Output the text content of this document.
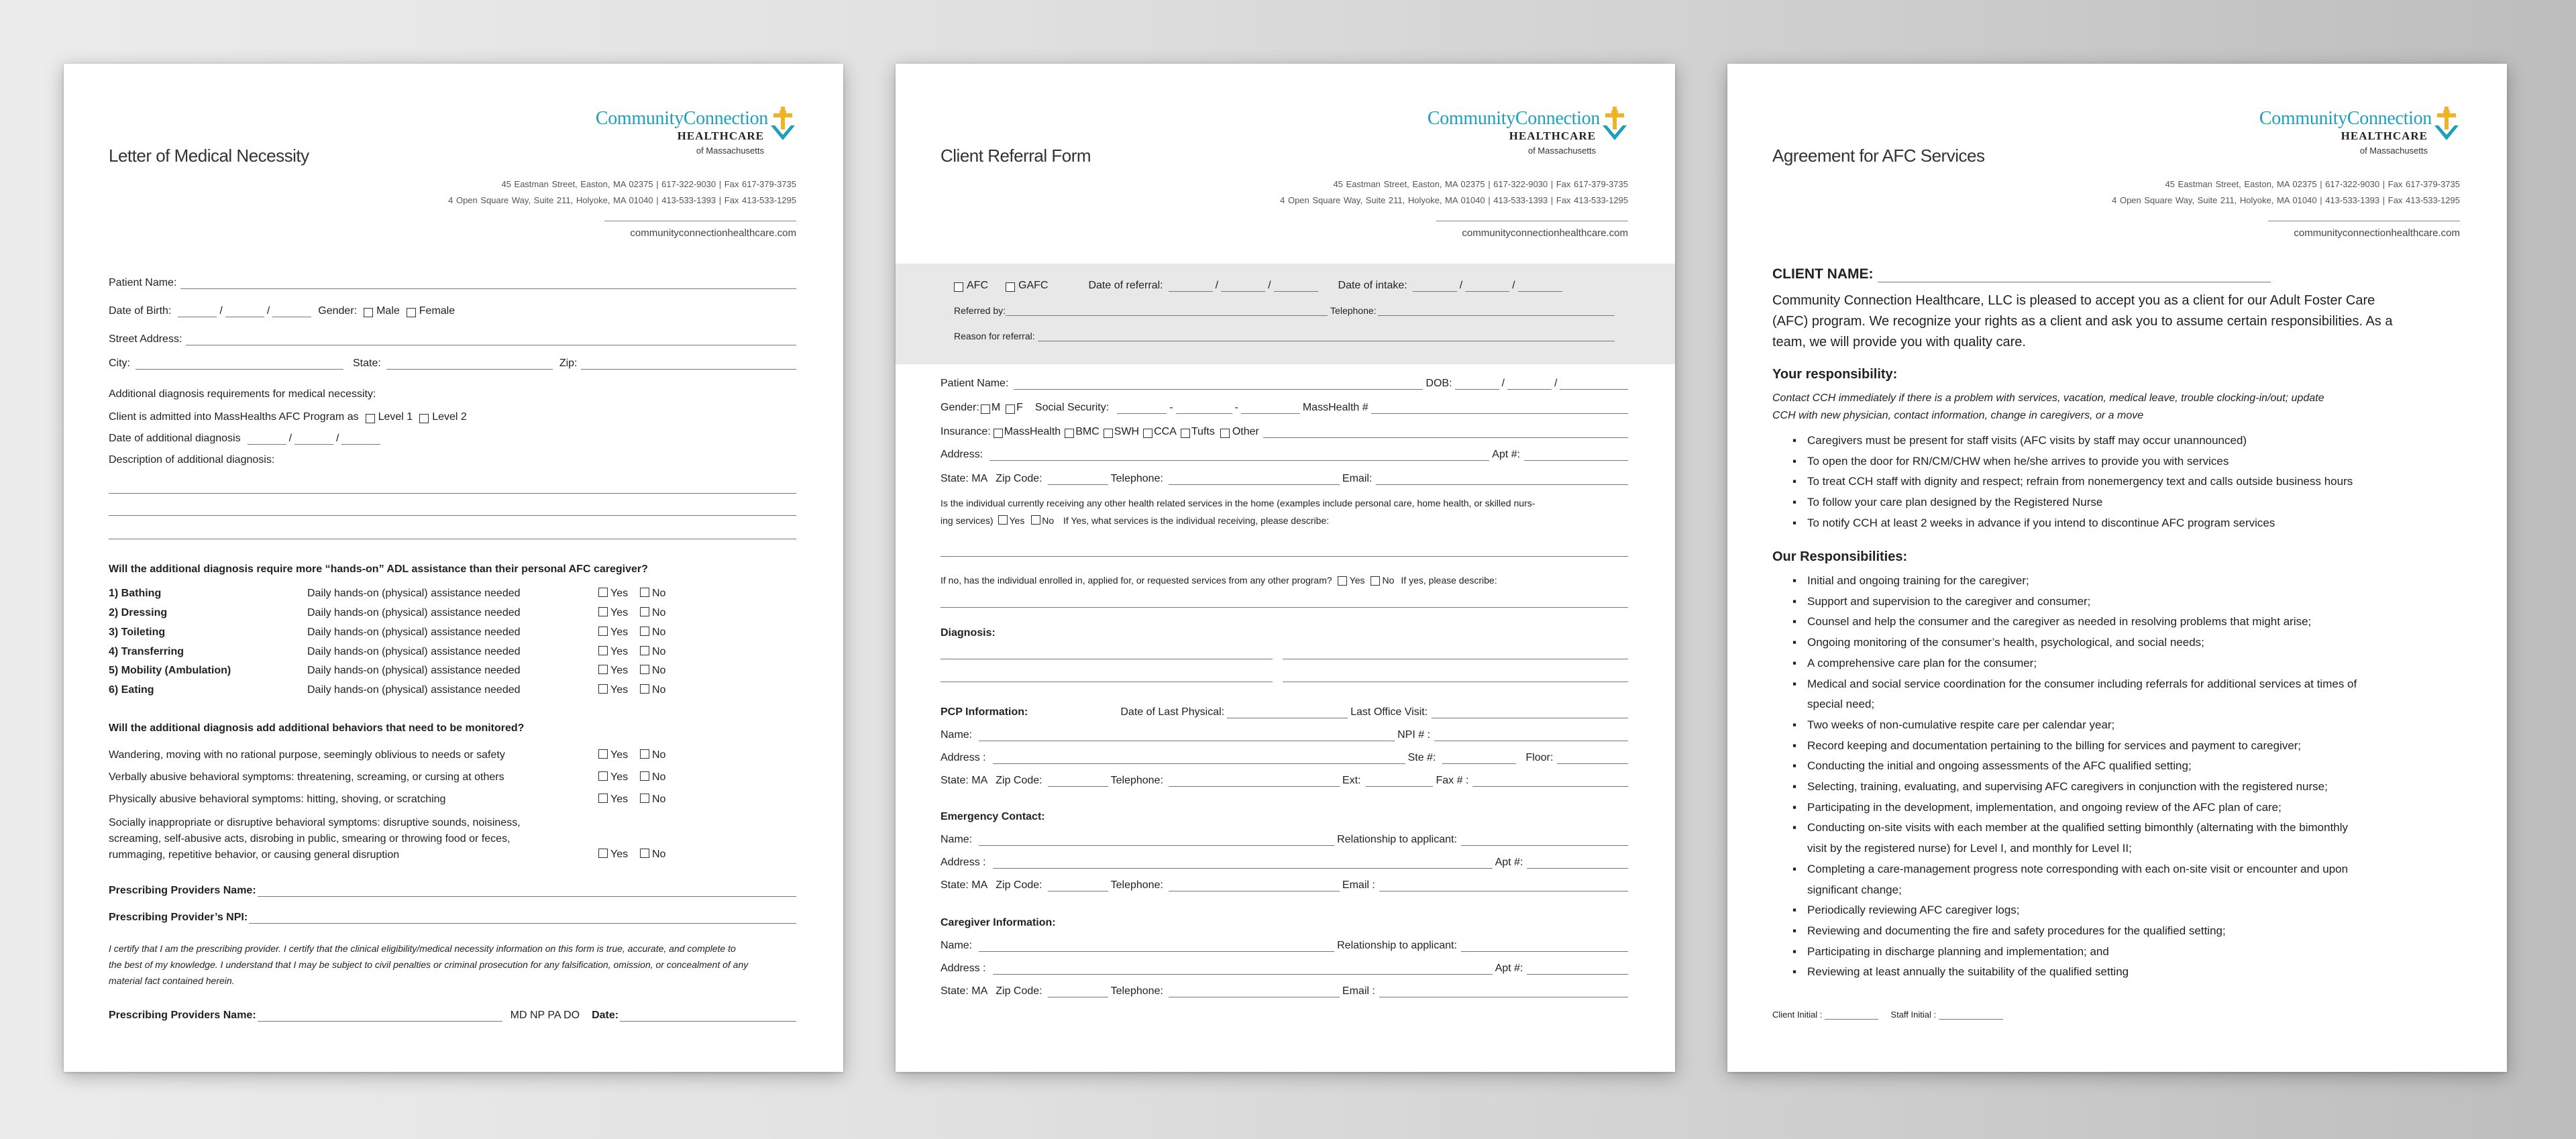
CommunityConnection
HEALTHCARE
of Massachusetts
Letter of Medical Necessity
45 Eastman Street, Easton, MA 02375 | 617-322-9030 | Fax 617-379-3735
4 Open Square Way, Suite 211, Holyoke, MA 01040 | 413-533-1393 | Fax 413-533-1295
communityconnectionhealthcare.com
Patient Name:
Date of Birth:	/	/	Gender: Male Female
Street Address:
City:	State:	Zip:
Additional diagnosis requirements for medical necessity:
Client is admitted into MassHealths AFC Program as Level 1 Level 2
Date of additional diagnosis	/	/
Description of additional diagnosis:
Will the additional diagnosis require more “hands-on” ADL assistance than their personal AFC caregiver?
1) Bathing	Daily hands-on (physical) assistance needed	Yes	No
2) Dressing	Daily hands-on (physical) assistance needed	Yes	No
3) Toileting	Daily hands-on (physical) assistance needed	Yes	No
4) Transferring	Daily hands-on (physical) assistance needed	Yes	No
5) Mobility (Ambulation)	Daily hands-on (physical) assistance needed	Yes	No
6) Eating	Daily hands-on (physical) assistance needed	Yes	No
Will the additional diagnosis add additional behaviors that need to be monitored?
Wandering, moving with no rational purpose, seemingly oblivious to needs or safety	Yes	No
Verbally abusive behavioral symptoms: threatening, screaming, or cursing at others	Yes	No
Physically abusive behavioral symptoms: hitting, shoving, or scratching	Yes	No
Socially inappropriate or disruptive behavioral symptoms: disruptive sounds, noisiness,
screaming, self-abusive acts, disrobing in public, smearing or throwing food or feces,
rummaging, repetitive behavior, or causing general disruption	Yes	No
Prescribing Providers Name:
Prescribing Provider’s NPI:
I certify that I am the prescribing provider. I certify that the clinical eligibility/medical necessity information on this form is true, accurate, and complete to
the best of my knowledge. I understand that I may be subject to civil penalties or criminal prosecution for any falsification, omission, or concealment of any
material fact contained herein.
Prescribing Providers Name:	MD NP PA DO Date:
CommunityConnection
HEALTHCARE
of Massachusetts
Client Referral Form
45 Eastman Street, Easton, MA 02375 | 617-322-9030 | Fax 617-379-3735
4 Open Square Way, Suite 211, Holyoke, MA 01040 | 413-533-1393 | Fax 413-533-1295
communityconnectionhealthcare.com
AFC	GAFC	Date of referral:	/	/	Date of intake:	/	/
Referred by:	Telephone:
Reason for referral:
Patient Name:	DOB:	/	/
Gender: M F Social Security:	-	-	MassHealth #
Insurance: MassHealth BMC SWH CCA Tufts Other
Address:	Apt #:
State: MA Zip Code:	Telephone:	Email:
Is the individual currently receiving any other health related services in the home (examples include personal care, home health, or skilled nurs-
ing services) Yes No If Yes, what services is the individual receiving, please describe:
If no, has the individual enrolled in, applied for, or requested services from any other program? Yes No If yes, please describe:
Diagnosis:
PCP Information:	Date of Last Physical:	Last Office Visit:
Name:	NPI # :
Address :	Ste #:	Floor:
State: MA Zip Code:	Telephone:	Ext:	Fax # :
Emergency Contact:
Name:	Relationship to applicant:
Address :	Apt #:
State: MA Zip Code:	Telephone:	Email :
Caregiver Information:
Name:	Relationship to applicant:
Address :	Apt #:
State: MA Zip Code:	Telephone:	Email :
CommunityConnection
HEALTHCARE
of Massachusetts
Agreement for AFC Services
45 Eastman Street, Easton, MA 02375 | 617-322-9030 | Fax 617-379-3735
4 Open Square Way, Suite 211, Holyoke, MA 01040 | 413-533-1393 | Fax 413-533-1295
communityconnectionhealthcare.com
CLIENT NAME:
Community Connection Healthcare, LLC is pleased to accept you as a client for our Adult Foster Care
(AFC) program. We recognize your rights as a client and ask you to assume certain responsibilities. As a
team, we will provide you with quality care.
Your responsibility:
Contact CCH immediately if there is a problem with services, vacation, medical leave, trouble clocking-in/out; update
CCH with new physician, contact information, change in caregivers, or a move
▪ Caregivers must be present for staff visits (AFC visits by staff may occur unannounced)
▪ To open the door for RN/CM/CHW when he/she arrives to provide you with services
▪ To treat CCH staff with dignity and respect; refrain from nonemergency text and calls outside business hours
▪ To follow your care plan designed by the Registered Nurse
▪ To notify CCH at least 2 weeks in advance if you intend to discontinue AFC program services
Our Responsibilities:
▪ Initial and ongoing training for the caregiver;
▪ Support and supervision to the caregiver and consumer;
▪ Counsel and help the consumer and the caregiver as needed in resolving problems that might arise;
▪ Ongoing monitoring of the consumer’s health, psychological, and social needs;
▪ A comprehensive care plan for the consumer;
▪ Medical and social service coordination for the consumer including referrals for additional services at times of
special need;
▪ Two weeks of non-cumulative respite care per calendar year;
▪ Record keeping and documentation pertaining to the billing for services and payment to caregiver;
▪ Conducting the initial and ongoing assessments of the AFC qualified setting;
▪ Selecting, training, evaluating, and supervising AFC caregivers in conjunction with the registered nurse;
▪ Participating in the development, implementation, and ongoing review of the AFC plan of care;
▪ Conducting on-site visits with each member at the qualified setting bimonthly (alternating with the bimonthly
visit by the registered nurse) for Level I, and monthly for Level II;
▪ Completing a care-management progress note corresponding with each on-site visit or encounter and upon
significant change;
▪ Periodically reviewing AFC caregiver logs;
▪ Reviewing and documenting the fire and safety procedures for the qualified setting;
▪ Participating in discharge planning and implementation; and
▪ Reviewing at least annually the suitability of the qualified setting
Client Initial :	Staff Initial :
